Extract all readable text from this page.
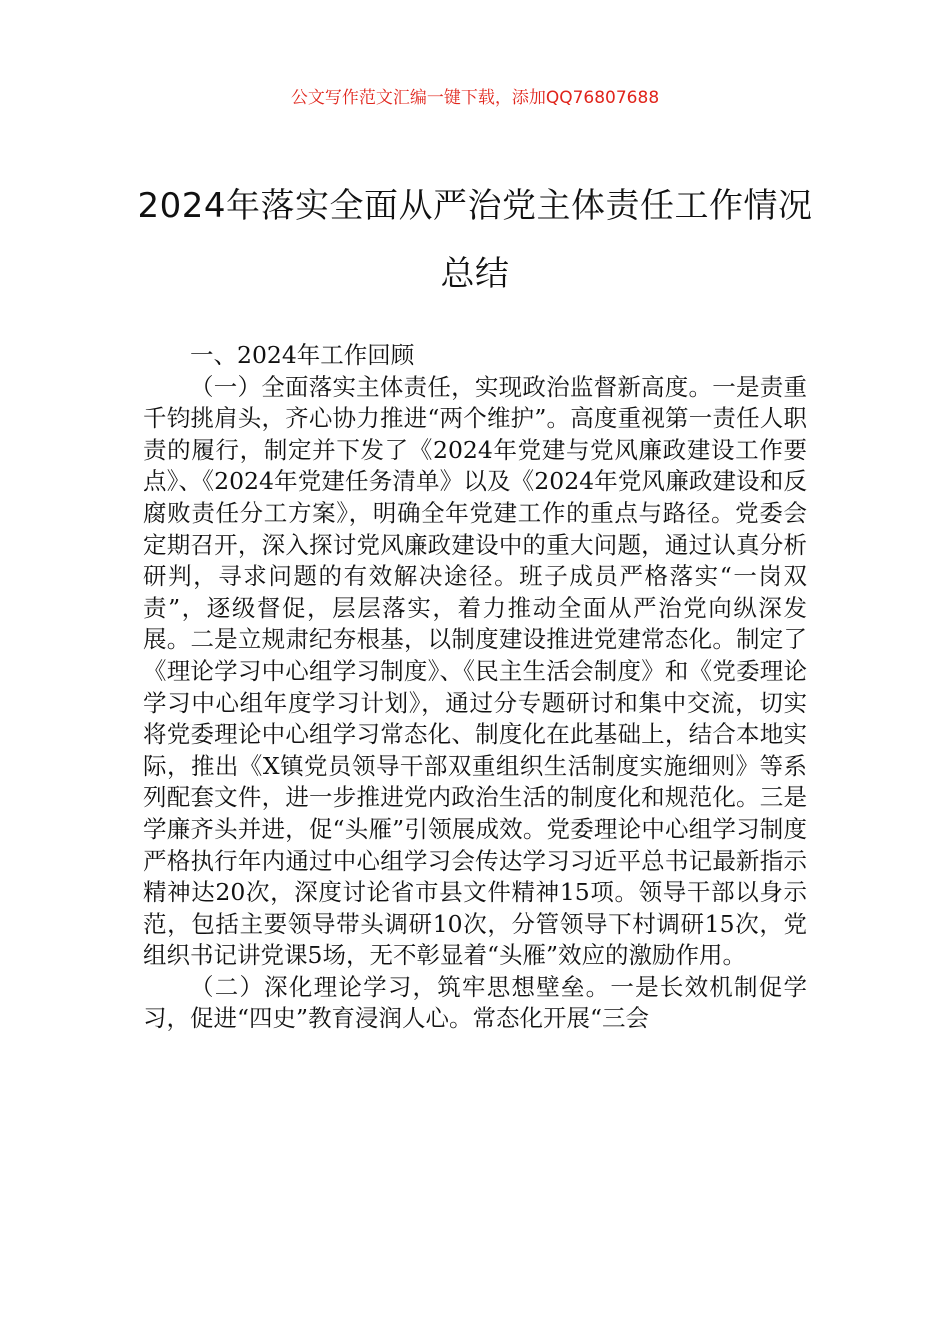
公文写作范文汇编一键下载，添加QQ76807688
2024年落实全面从严治党主体责任工作情况总结

一、2024年工作回顾

（一）全面落实主体责任，实现政治监督新高度。一是责重千钧挑肩头，齐心协力推进“两个维护”。高度重视第一责任人职责的履行，制定并下发了《2024年党建与党风廉政建设工作要点》、《2024年党建任务清单》以及《2024年党风廉政建设和反腐败责任分工方案》，明确全年党建工作的重点与路径。党委会定期召开，深入探讨党风廉政建设中的重大问题，通过认真分析研判，寻求问题的有效解决途径。班子成员严格落实“一岗双责”，逐级督促，层层落实，着力推动全面从严治党向纵深发展。二是立规肃纪夯根基，以制度建设推进党建常态化。制定了《理论学习中心组学习制度》、《民主生活会制度》和《党委理论学习中心组年度学习计划》，通过分专题研讨和集中交流，切实将党委理论中心组学习常态化、制度化在此基础上，结合本地实际，推出《X镇党员领导干部双重组织生活制度实施细则》等系列配套文件，进一步推进党内政治生活的制度化和规范化。三是学廉齐头并进，促“头雁”引领展成效。党委理论中心组学习制度严格执行年内通过中心组学习会传达学习习近平总书记最新指示精神达20次，深度讨论省市县文件精神15项。领导干部以身示范，包括主要领导带头调研10次，分管领导下村调研15次，党组织书记讲党课5场，无不彰显着“头雁”效应的激励作用。

（二）深化理论学习，筑牢思想壁垒。一是长效机制促学习，促进“四史”教育浸润人心。常态化开展“三会
